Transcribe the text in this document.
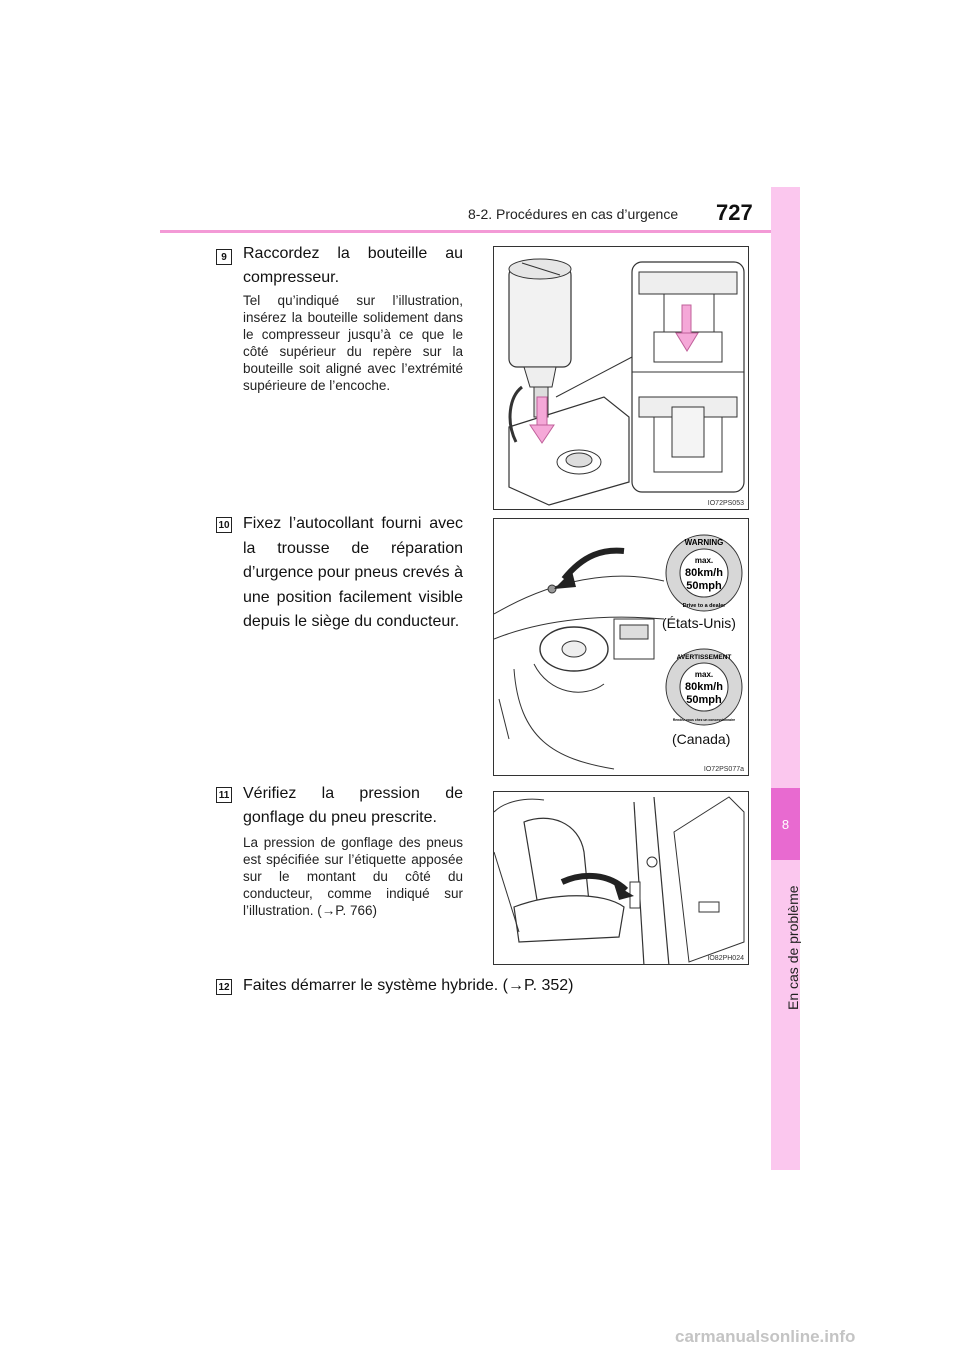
8-2. Procédures en cas d’urgence 727
8
En cas de problème
9	Raccordez la bouteille au compresseur.
Tel qu’indiqué sur l’illustration, insérez la bouteille solidement dans le compresseur jusqu’à ce que le côté supérieur du repère sur la bouteille soit aligné avec l’extrémité supérieure de l’encoche.
IO72PS053
10 Fixez l’autocollant fourni avec la trousse de réparation d’urgence pour pneus crevés à une position facilement visible depuis le siège du conducteur.
max.
80km/h
50mph
WARNING
Drive to a dealer
(États-Unis)
max.
80km/h
50mph
AVERTISSEMENT
Rendez-vous chez un concessionnaire
(Canada)
IO72PS077a
11 Vérifiez la pression de gonflage du pneu prescrite.
La pression de gonflage des pneus est spécifiée sur l’étiquette apposée sur le montant du côté du conducteur, comme indiqué sur l’illustration. (→P. 766)
IO82PH024
12 Faites démarrer le système hybride. (→P. 352)
carmanualsonline.info
